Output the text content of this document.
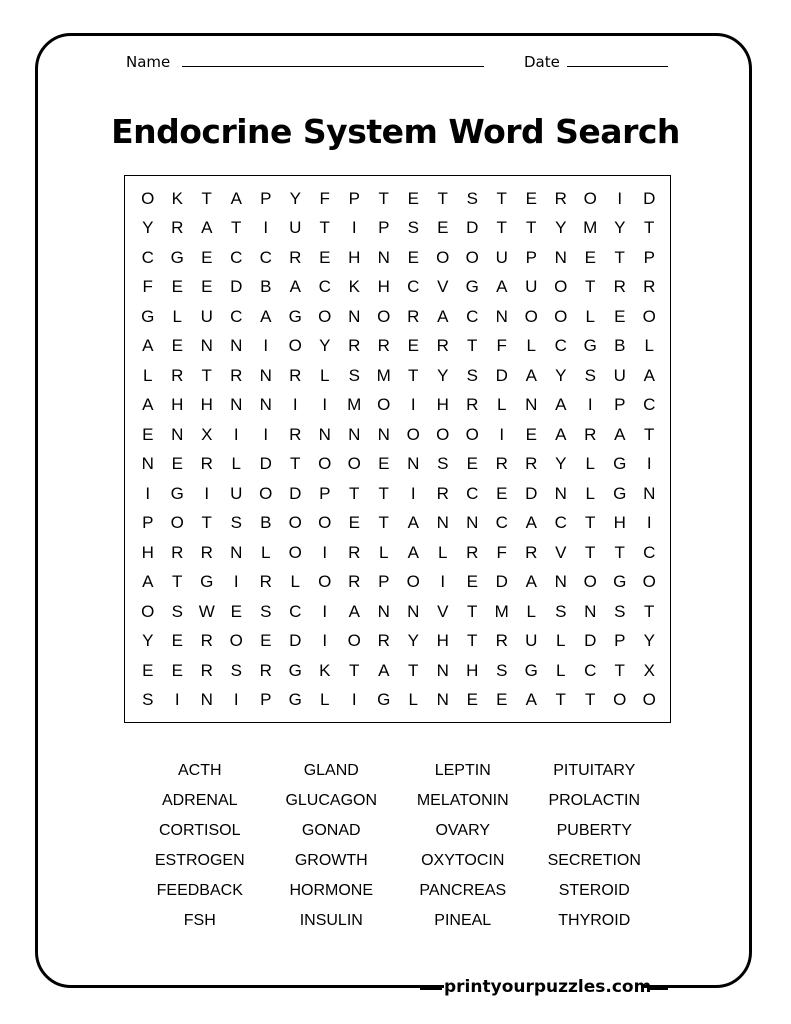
Name	Date
Endocrine System Word Search
O	K	T	A	P	Y	F	P	T	E	T	S	T	E	R O	I	D
Y	R	A	T	I	U	T	I	P	S	E	D	T	T	Y M Y	T
C G	E	C	C	R	E	H	N	E	O O U	P	N	E	T	P
F	E	E	D	B	A	C	K	H	C	V	G	A	U O	T	R	R
G	L	U	C	A	G O N O R	A	C	N O O	L	E	O
A	E	N	N	I	O	Y	R	R	E	R	T	F	L	C G	B	L
L	R	T	R	N	R	L	S M	T	Y	S	D	A	Y	S	U	A
A	H	H	N	N	I	I	M O	I	H	R	L	N	A	I	P	C
E	N	X	I	I	R	N	N	N O O O	I	E	A	R	A	T
N	E	R	L	D	T	O O	E	N	S	E	R	R	Y	L	G	I
I	G	I	U O D	P	T	T	I	R	C	E	D	N	L	G N
P	O	T	S	B	O O	E	T	A	N	N	C	A	C	T	H	I
H	R	R	N	L	O	I	R	L	A	L	R	F	R	V	T	T	C
A	T	G	I	R	L	O R	P	O	I	E	D	A	N O G O
O	S W E	S	C	I	A	N	N	V	T	M	L	S	N	S	T
Y	E	R O	E	D	I	O R	Y	H	T	R	U	L	D	P	Y
E	E	R	S	R G	K	T	A	T	N	H	S	G	L	C	T	X
S	I	N	I	P	G	L	I	G	L	N	E	E	A	T	T	O O
ACTH	GLAND	LEPTIN	PITUITARY
ADRENAL	GLUCAGON	MELATONIN	PROLACTIN
CORTISOL	GONAD	OVARY	PUBERTY
ESTROGEN	GROWTH	OXYTOCIN	SECRETION
FEEDBACK	HORMONE	PANCREAS	STEROID
FSH	INSULIN	PINEAL	THYROID
printyourpuzzles.com
